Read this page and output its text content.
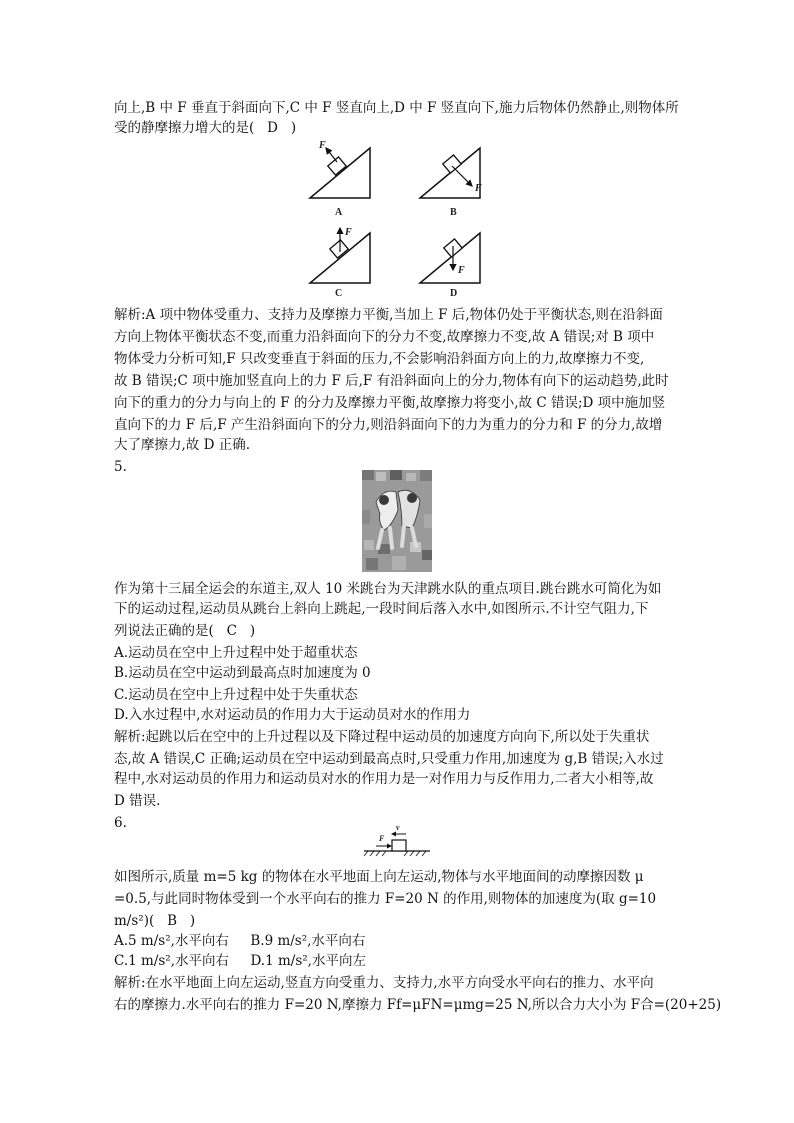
向上,B 中 F 垂直于斜面向下,C 中 F 竖直向上,D 中 F 竖直向下,施力后物体仍然静止,则物体所
受的静摩擦力增大的是(   D   )
F
F
F
F
A	B
C	D
解析:A 项中物体受重力、支持力及摩擦力平衡,当加上 F 后,物体仍处于平衡状态,则在沿斜面
方向上物体平衡状态不变,而重力沿斜面向下的分力不变,故摩擦力不变,故 A 错误;对 B 项中
物体受力分析可知,F 只改变垂直于斜面的压力,不会影响沿斜面方向上的力,故摩擦力不变,
故 B 错误;C 项中施加竖直向上的力 F 后,F 有沿斜面向上的分力,物体有向下的运动趋势,此时
向下的重力的分力与向上的 F 的分力及摩擦力平衡,故摩擦力将变小,故 C 错误;D 项中施加竖
直向下的力 F 后,F 产生沿斜面向下的分力,则沿斜面向下的力为重力的分力和 F 的分力,故增
大了摩擦力,故 D 正确.
5.
作为第十三届全运会的东道主,双人 10 米跳台为天津跳水队的重点项目.跳台跳水可简化为如
下的运动过程,运动员从跳台上斜向上跳起,一段时间后落入水中,如图所示.不计空气阻力,下
列说法正确的是(   C   )
A.运动员在空中上升过程中处于超重状态
B.运动员在空中运动到最高点时加速度为 0
C.运动员在空中上升过程中处于失重状态
D.入水过程中,水对运动员的作用力大于运动员对水的作用力
解析:起跳以后在空中的上升过程以及下降过程中运动员的加速度方向向下,所以处于失重状
态,故 A 错误,C 正确;运动员在空中运动到最高点时,只受重力作用,加速度为 g,B 错误;入水过
程中,水对运动员的作用力和运动员对水的作用力是一对作用力与反作用力,二者大小相等,故
D 错误.
6.
F
v
如图所示,质量 m=5 kg 的物体在水平地面上向左运动,物体与水平地面间的动摩擦因数 μ
=0.5,与此同时物体受到一个水平向右的推力 F=20 N 的作用,则物体的加速度为(取 g=10
m/s²)(   B   )
A.5 m/s²,水平向右     B.9 m/s²,水平向右
C.1 m/s²,水平向右     D.1 m/s²,水平向左
解析:在水平地面上向左运动,竖直方向受重力、支持力,水平方向受水平向右的推力、水平向
右的摩擦力.水平向右的推力 F=20 N,摩擦力 Ff=μFN=μmg=25 N,所以合力大小为 F合=(20+25)
